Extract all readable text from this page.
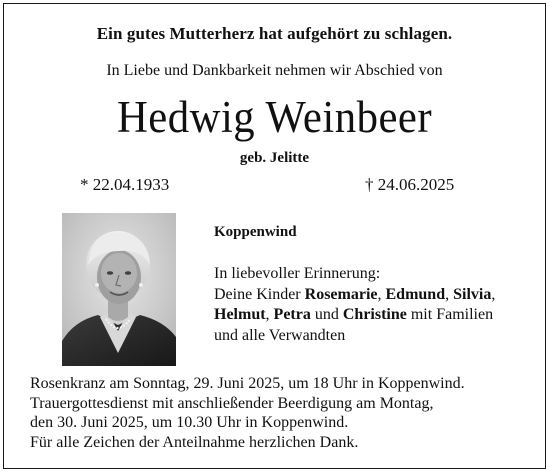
Ein gutes Mutterherz hat aufgehört zu schlagen.
In Liebe und Dankbarkeit nehmen wir Abschied von
Hedwig Weinbeer
geb. Jelitte
* 22.04.1933	† 24.06.2025
Koppenwind
In liebevoller Erinnerung:
Deine Kinder Rosemarie, Edmund, Silvia,
Helmut, Petra und Christine mit Familien
und alle Verwandten
Rosenkranz am Sonntag, 29. Juni 2025, um 18 Uhr in Koppenwind.
Trauergottesdienst mit anschließender Beerdigung am Montag,
den 30. Juni 2025, um 10.30 Uhr in Koppenwind.
Für alle Zeichen der Anteilnahme herzlichen Dank.
